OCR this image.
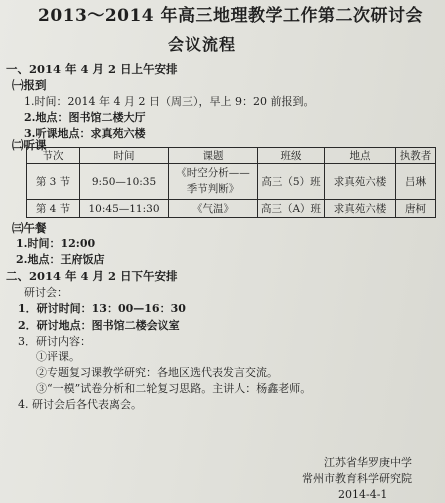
2013～2014 年高三地理教学工作第二次研讨会
会议流程
一、2014 年 4 月 2 日上午安排
㈠报到
1.时间：2014 年 4 月 2 日（周三），早上 9：20 前报到。
2.地点：图书馆二楼大厅
3.听课地点：求真苑六楼
㈡听课
节次	时间	课题	班级	地点	执教者
第 3 节	9:50—10:35	《时空分析——
季节判断》	高三（5）班	求真苑六楼	吕琳
第 4 节	10:45—11:30	《气温》	高三（A）班	求真苑六楼	唐柯
㈢午餐
1.时间：12:00
2.地点：王府饭店
二、2014 年 4 月 2 日下午安排
研讨会：
1．研讨时间：13：00—16：30
2．研讨地点：图书馆二楼会议室
3．研讨内容：
①评课。
②专题复习课教学研究：各地区选代表发言交流。
③“一模”试卷分析和二轮复习思路。主讲人：杨鑫老师。
4. 研讨会后各代表离会。
江苏省华罗庚中学
常州市教育科学研究院
2014-4-1
